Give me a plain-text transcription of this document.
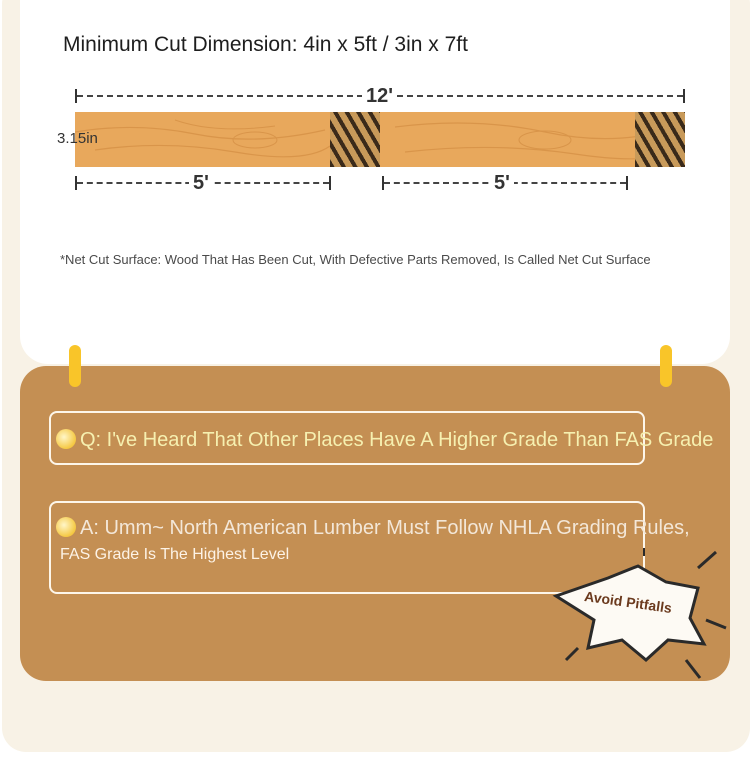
Minimum Cut Dimension: 4in x 5ft / 3in x 7ft
12'
3.15in
5'	5'

*Net Cut Surface: Wood That Has Been Cut, With Defective Parts Removed, Is Called Net Cut Surface

Q: I've Heard That Other Places Have A Higher Grade Than FAS Grade
A: Umm~ North American Lumber Must Follow NHLA Grading Rules,
FAS Grade Is The Highest Level
Avoid Pitfalls
